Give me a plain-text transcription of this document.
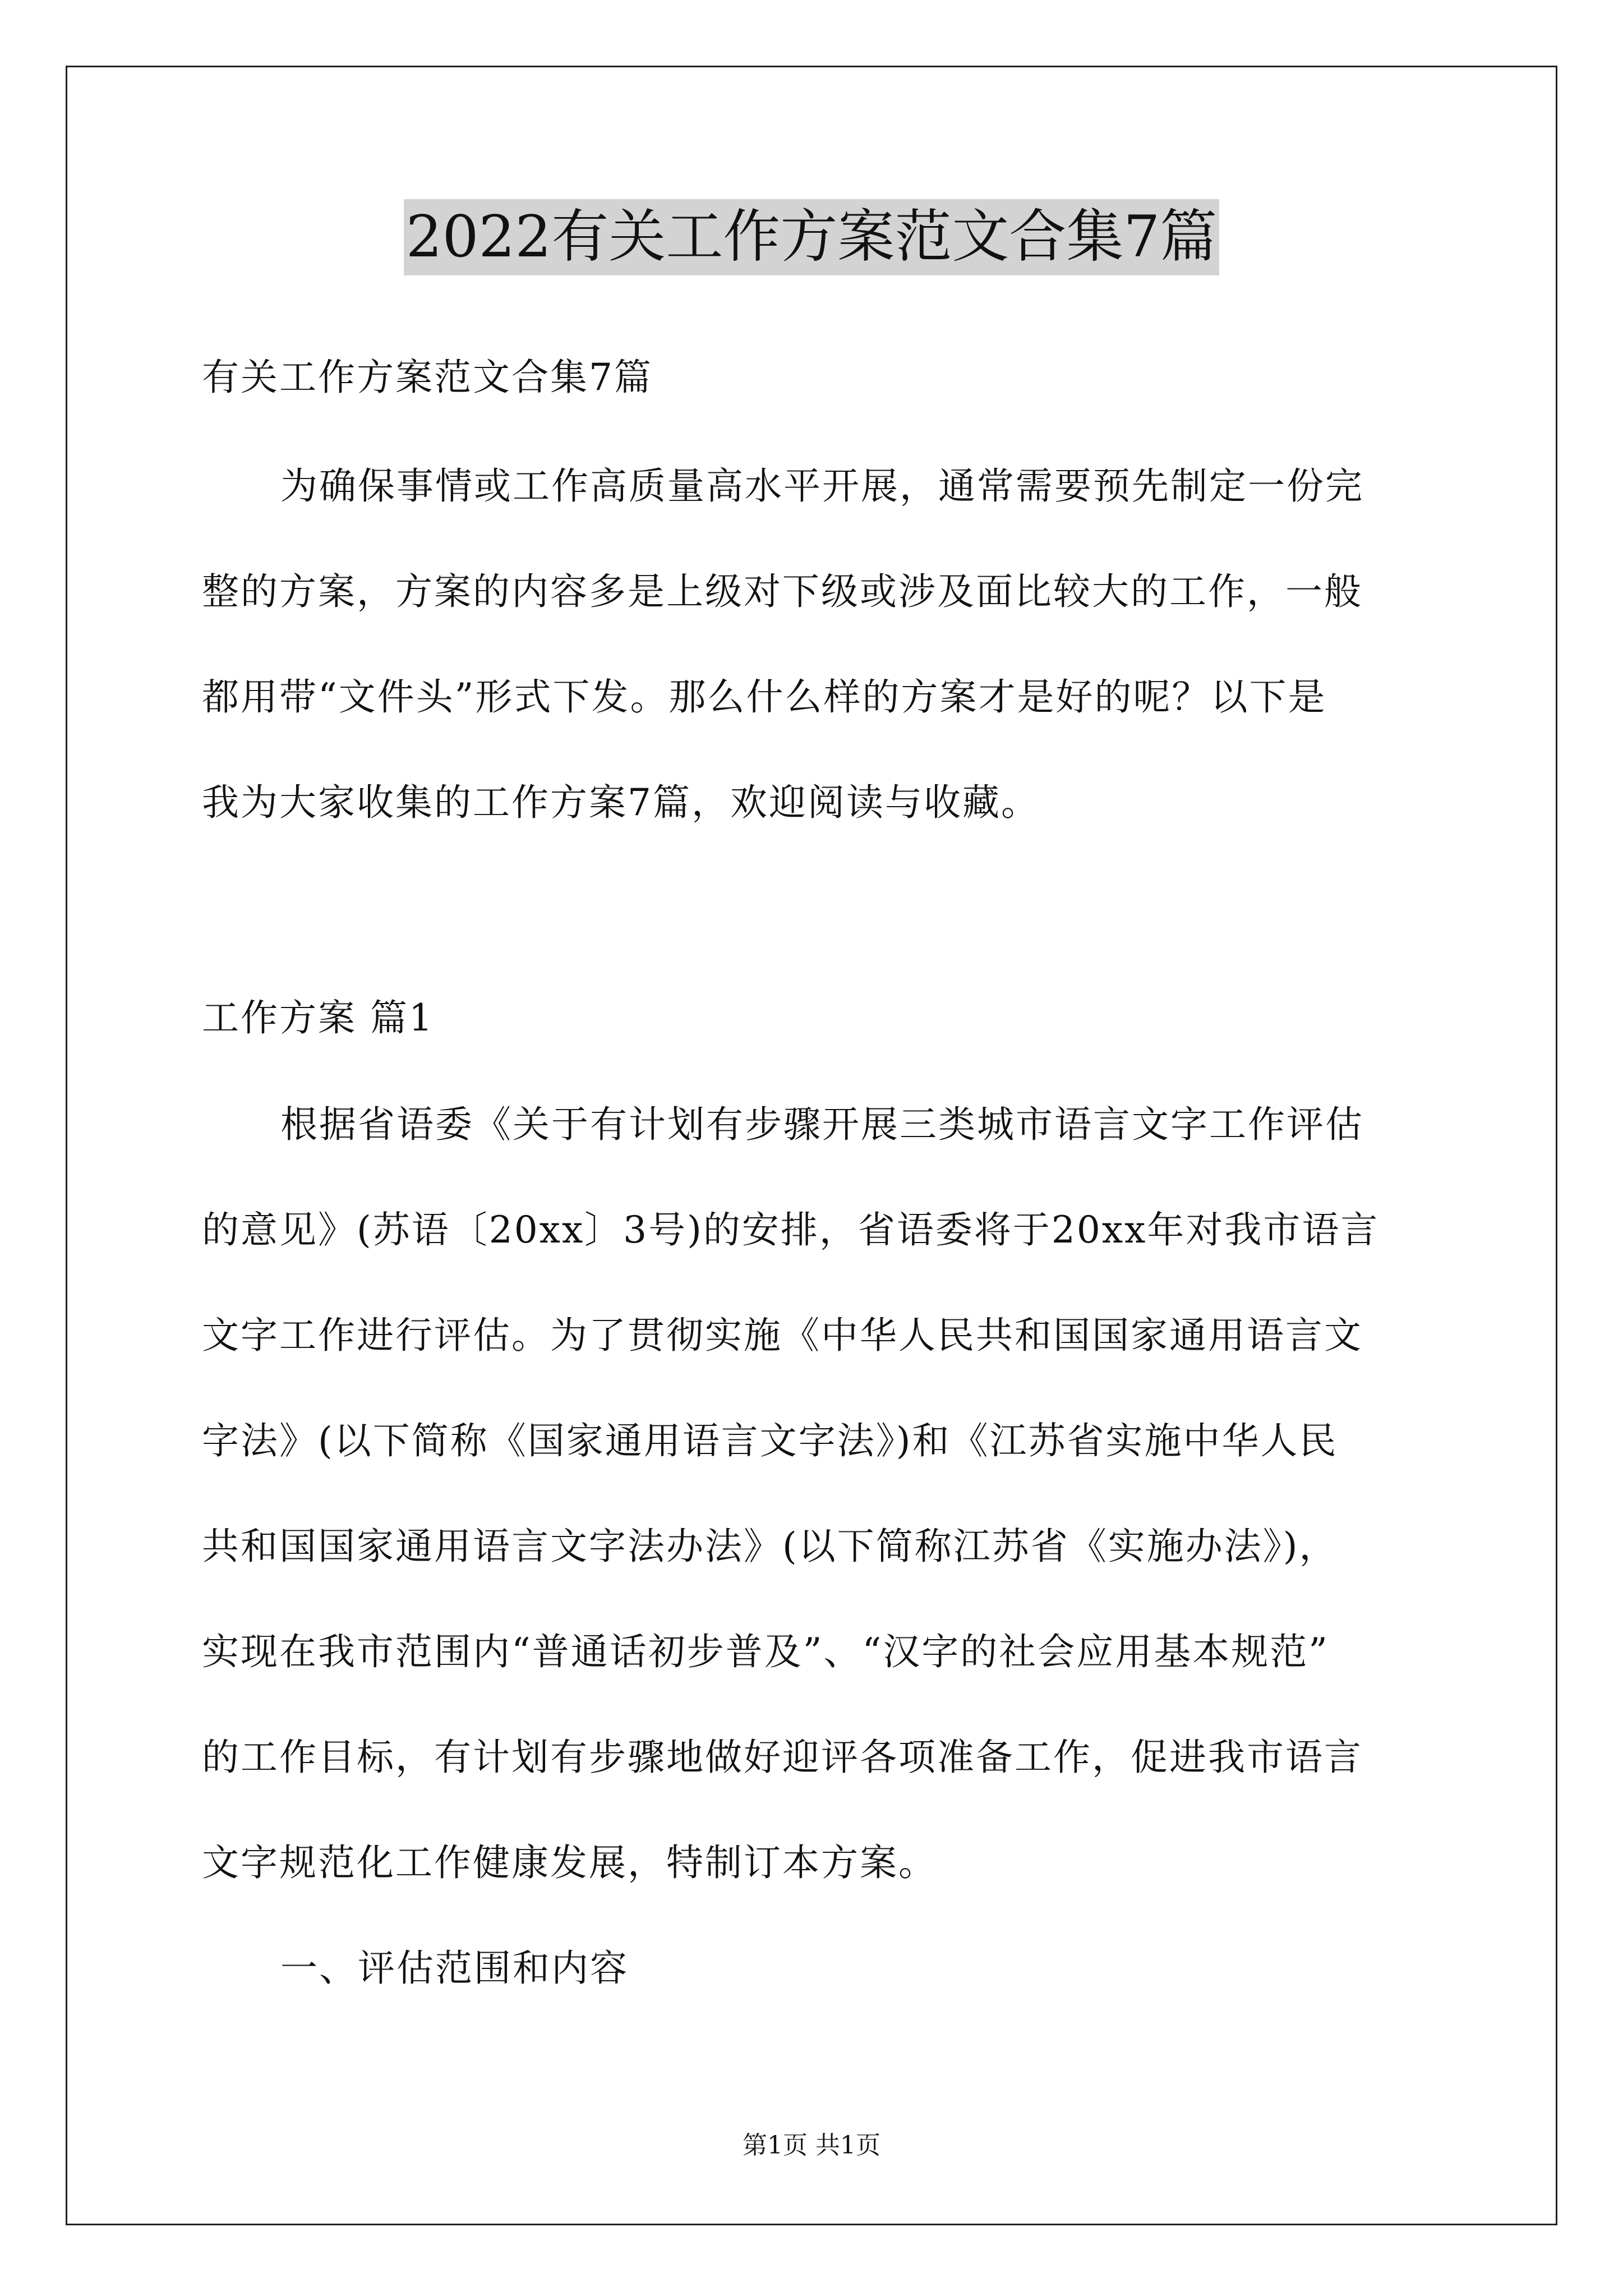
2022有关工作方案范文合集7篇
有关工作方案范文合集7篇
为确保事情或工作高质量高水平开展，通常需要预先制定一份完
整的方案，方案的内容多是上级对下级或涉及面比较大的工作，一般
都用带“文件头”形式下发。那么什么样的方案才是好的呢？以下是
我为大家收集的工作方案7篇，欢迎阅读与收藏。
工作方案 篇1
根据省语委《关于有计划有步骤开展三类城市语言文字工作评估
的意见》(苏语〔20xx〕3号)的安排，省语委将于20xx年对我市语言
文字工作进行评估。为了贯彻实施《中华人民共和国国家通用语言文
字法》(以下简称《国家通用语言文字法》)和《江苏省实施中华人民
共和国国家通用语言文字法办法》(以下简称江苏省《实施办法》)，
实现在我市范围内“普通话初步普及”、“汉字的社会应用基本规范”
的工作目标，有计划有步骤地做好迎评各项准备工作，促进我市语言
文字规范化工作健康发展，特制订本方案。
一、评估范围和内容
第1页 共1页
